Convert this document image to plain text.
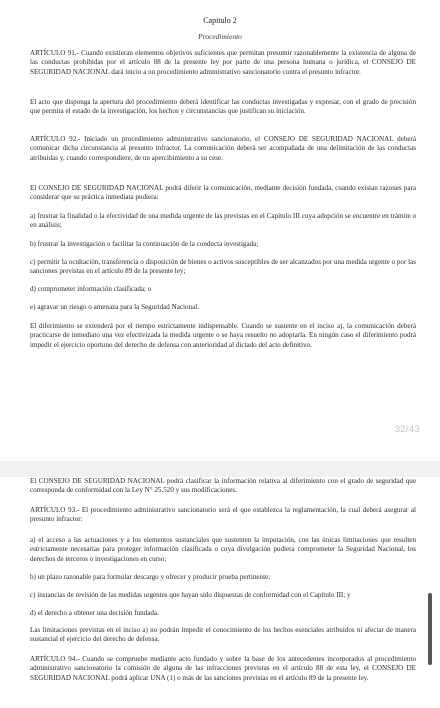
Capitulo 2
Procedimiento

ARTÍCULO 91.- Cuando existieran elementos objetivos suficientes que permitan presumir razonablemente la existencia de alguna de las conductas prohibidas por el artículo 88 de la presente ley por parte de una persona humana o jurídica, el CONSEJO DE SEGURIDAD NACIONAL dará inicio a un procedimiento administrativo sancionatorio contra el presunto infractor.

El acto que disponga la apertura del procedimiento deberá identificar las conductas investigadas y expresar, con el grado de precisión que permita el estado de la investigación, los hechos y circunstancias que justifican su iniciación.

ARTÍCULO 92.- Iniciado un procedimiento administrativo sancionatorio, el CONSEJO DE SEGURIDAD NACIONAL deberá comunicar dicha circunstancia al presunto infractor. La comunicación deberá ser acompañada de una delimitación de las conductas atribuidas y, cuando correspondiere, de un apercibimiento a su cese.

El CONSEJO DE SEGURIDAD NACIONAL podrá diferir la comunicación, mediante decisión fundada, cuando existan razones para considerar que su práctica inmediata pudiera:

a) frustrar la finalidad o la efectividad de una medida urgente de las previstas en el Capítulo III cuya adopción se encuentre en trámite o en análisis;

b) frustrar la investigación o facilitar la continuación de la conducta investigada;

c) permitir la ocultación, transferencia o disposición de bienes o activos susceptibles de ser alcanzados por una medida urgente o por las sanciones previstas en el artículo 89 de la presente ley;

d) comprometer información clasificada; o

e) agravar un riesgo o amenaza para la Seguridad Nacional.

El diferimiento se extenderá por el tiempo estrictamente indispensable. Cuando se sustente en el inciso a), la comunicación deberá practicarse de inmediato una vez efectivizada la medida urgente o se haya resuelto no adoptarla. En ningún caso el diferimiento podrá impedir el ejercicio oportuno del derecho de defensa con anterioridad al dictado del acto definitivo.

32/43

El CONSEJO DE SEGURIDAD NACIONAL podrá clasificar la información relativa al diferimiento con el grado de seguridad que corresponda de conformidad con la Ley N° 25.520 y sus modificaciones.

ARTÍCULO 93.- El procedimiento administrativo sancionatorio será el que establezca la reglamentación, la cual deberá asegurar al presunto infractor:

a) el acceso a las actuaciones y a los elementos sustanciales que sustenten la imputación, con las únicas limitaciones que resulten estrictamente necesarias para proteger información clasificada o cuya divulgación pudiera comprometer la Seguridad Nacional, los derechos de terceros o investigaciones en curso;

b) un plazo razonable para formular descargo y ofrecer y producir prueba pertinente;

c) instancias de revisión de las medidas urgentes que hayan sido dispuestas de conformidad con el Capítulo III; y

d) el derecho a obtener una decisión fundada.

Las limitaciones previstas en el inciso a) no podrán impedir el conocimiento de los hechos esenciales atribuidos ni afectar de manera sustancial el ejercicio del derecho de defensa.

ARTÍCULO 94.- Cuando se compruebe mediante acto fundado y sobre la base de los antecedentes incorporados al procedimiento administrativo sancionatorio la comisión de alguna de las infracciones previstas en el artículo 88 de esta ley, el CONSEJO DE SEGURIDAD NACIONAL podrá aplicar UNA (1) o más de las sanciones previstas en el artículo 89 de la presente ley.
